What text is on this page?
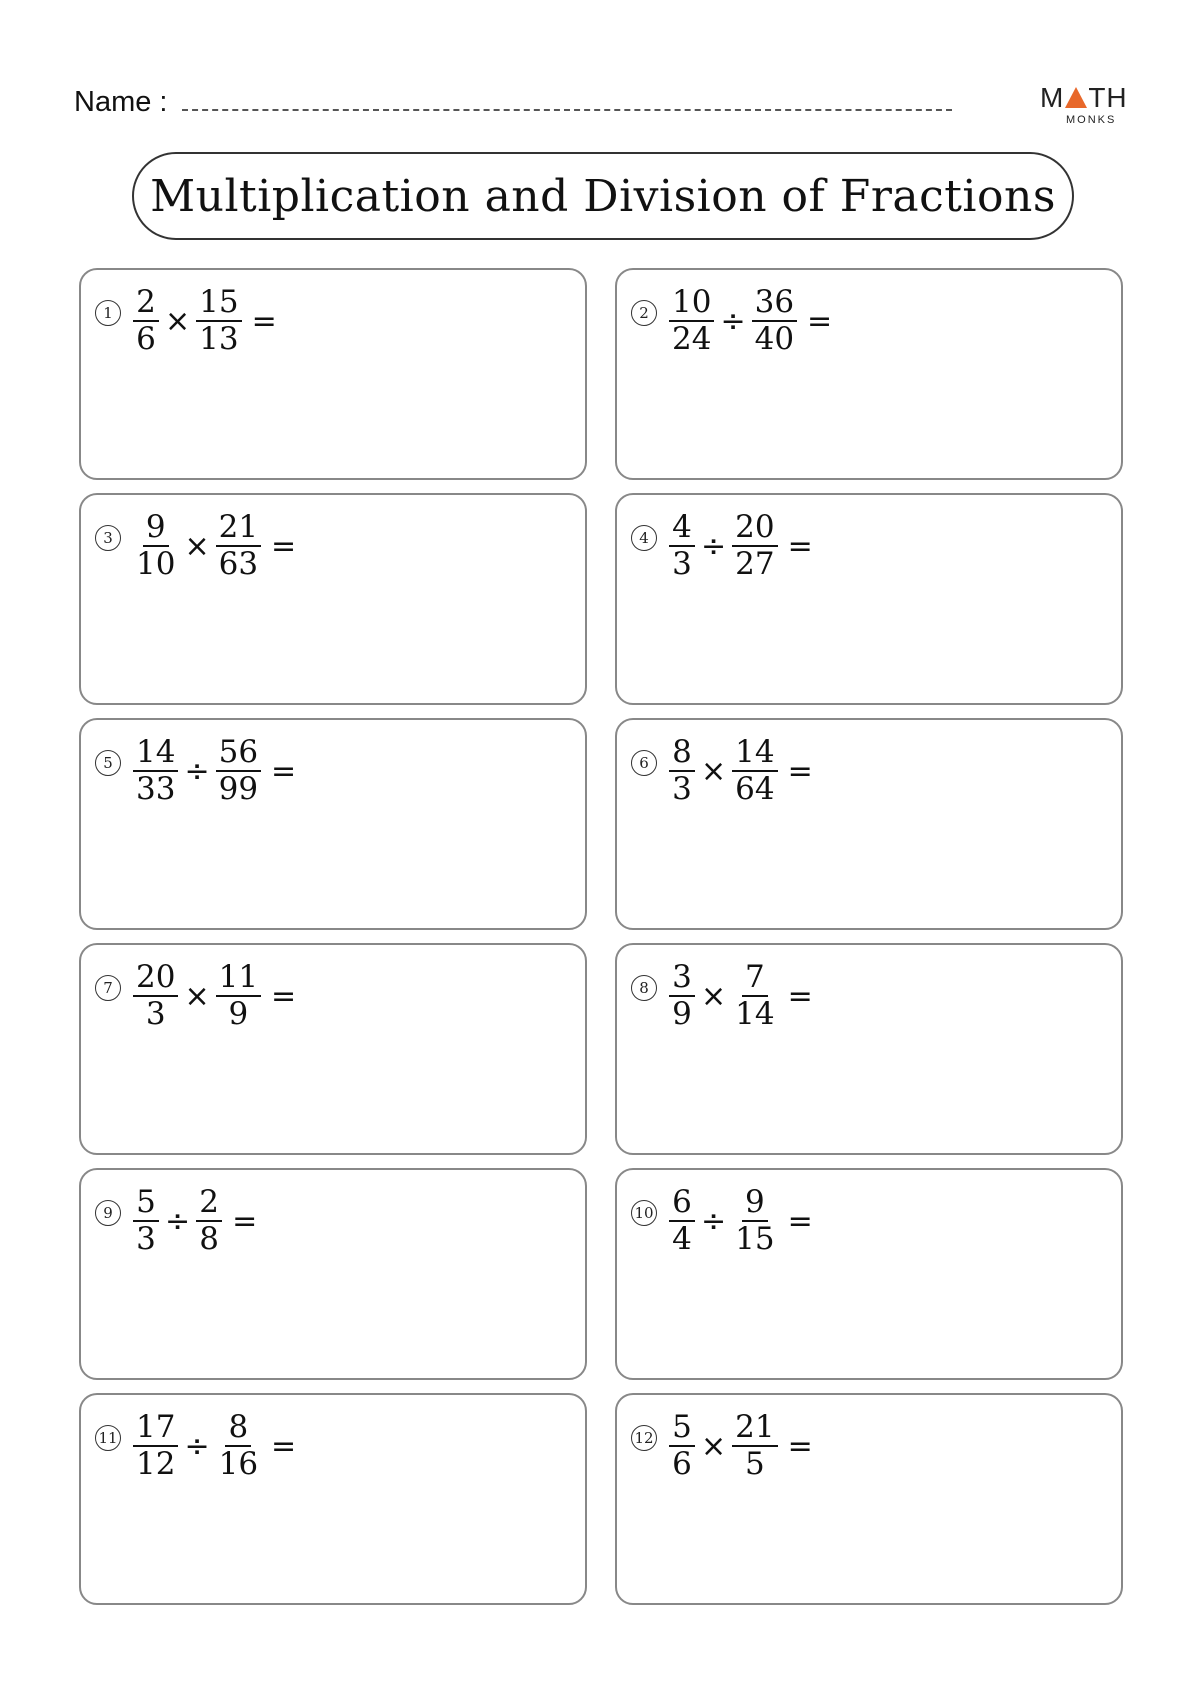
Name :	M TH
MONKS
Multiplication and Division of Fractions
$1 \frac{2}{6} \times \frac{15}{13}$ =	$2 \frac{10}{24} \div \frac{36}{40}$ =
$3 \frac{9}{10} \times \frac{21}{63}$ =	$4 \frac{4}{3} \div \frac{20}{27}$ =
$5 \frac{14}{33} \div \frac{56}{99}$ =	$6 \frac{8}{3} \times \frac{14}{64}$ =
$7 \frac{20}{3} \times \frac{11}{9}$ =	$8 \frac{3}{9} \times \frac{7}{14}$ =
$9 \frac{5}{3} \div \frac{2}{8}$ =	$10 \frac{6}{4} \div \frac{9}{15}$ =
$11 \frac{17}{12} \div \frac{8}{16}$ =	$12 \frac{5}{6} \times \frac{21}{5}$ =
